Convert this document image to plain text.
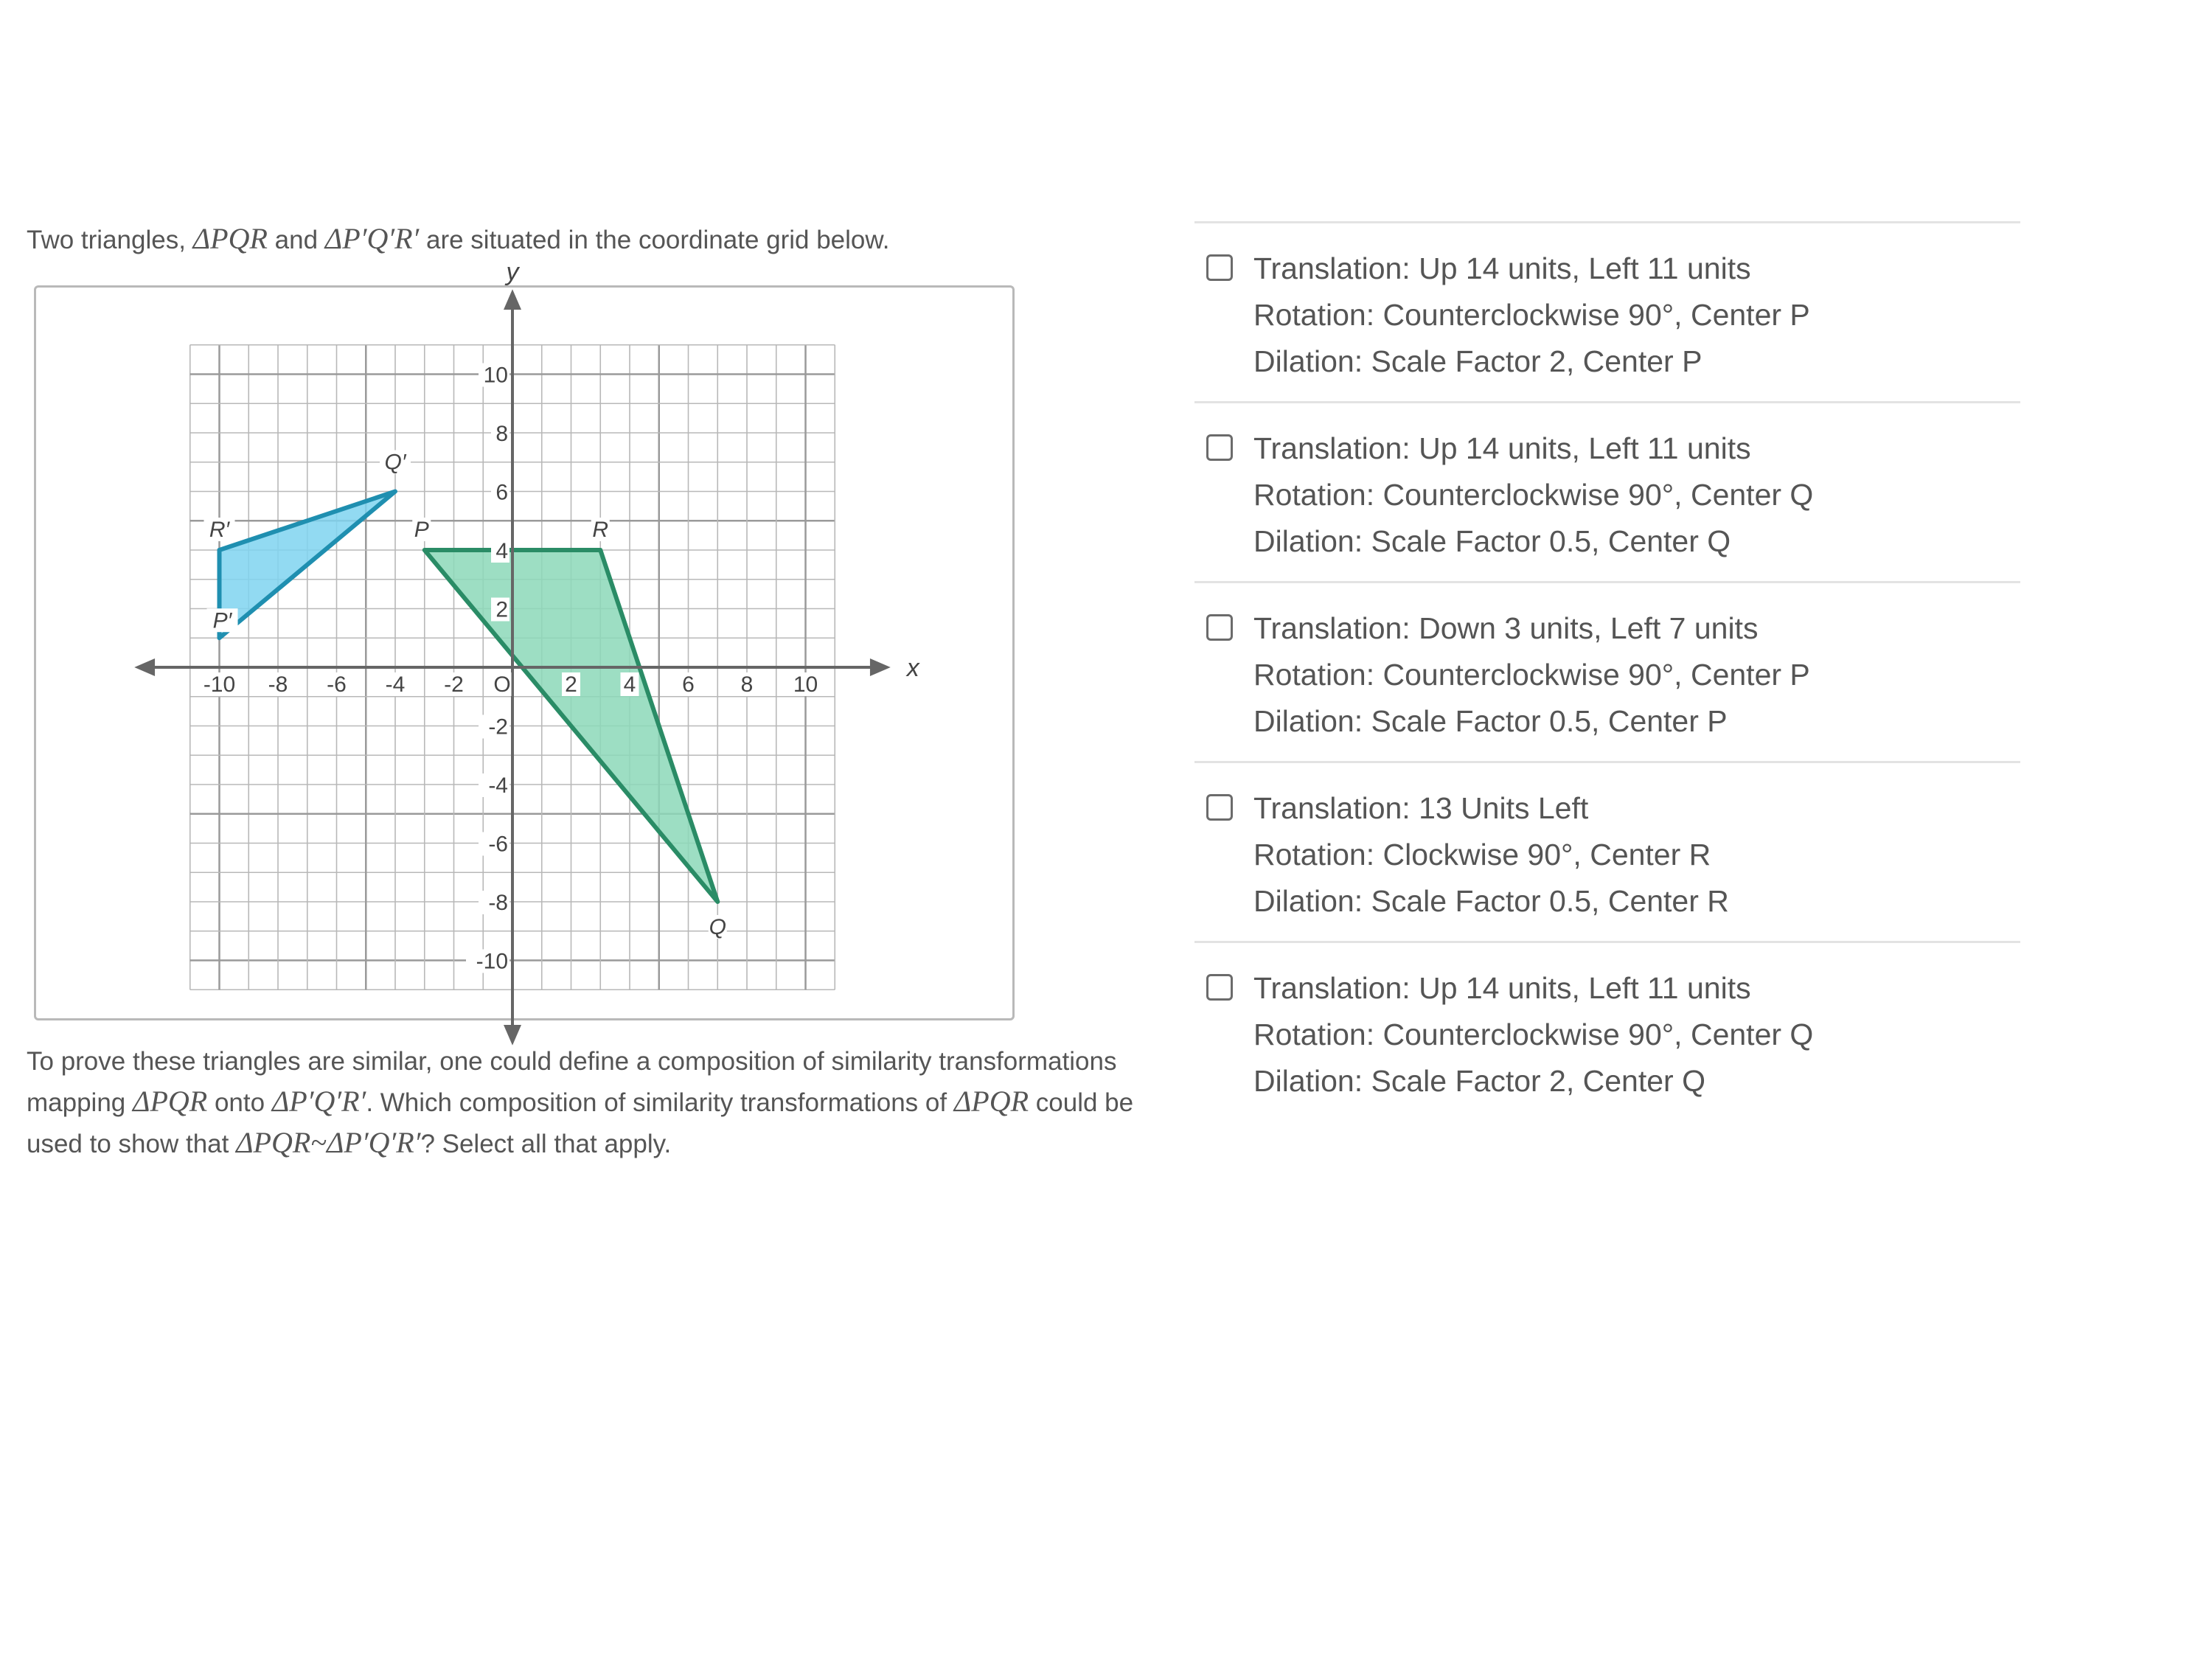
Two triangles, ΔPQR and ΔP′Q′R′ are situated in the coordinate grid below.
x
y
-10 -8 -6 -4 -2	2 4 6 8 10
10
8
6
4
2
-2
-4
-6
-8
-10
O
P
Q
R
P′
Q′
R′
To prove these triangles are similar, one could define a composition of similarity transformations mapping ΔPQR onto ΔP′Q′R′. Which composition of similarity transformations of ΔPQR could be used to show that ΔPQR~ΔP′Q′R′? Select all that apply.
Translation: Up 14 units, Left 11 units
Rotation: Counterclockwise 90°, Center P
Dilation: Scale Factor 2, Center P
Translation: Up 14 units, Left 11 units
Rotation: Counterclockwise 90°, Center Q
Dilation: Scale Factor 0.5, Center Q
Translation: Down 3 units, Left 7 units
Rotation: Counterclockwise 90°, Center P
Dilation: Scale Factor 0.5, Center P
Translation: 13 Units Left
Rotation: Clockwise 90°, Center R
Dilation: Scale Factor 0.5, Center R
Translation: Up 14 units, Left 11 units
Rotation: Counterclockwise 90°, Center Q
Dilation: Scale Factor 2, Center Q
